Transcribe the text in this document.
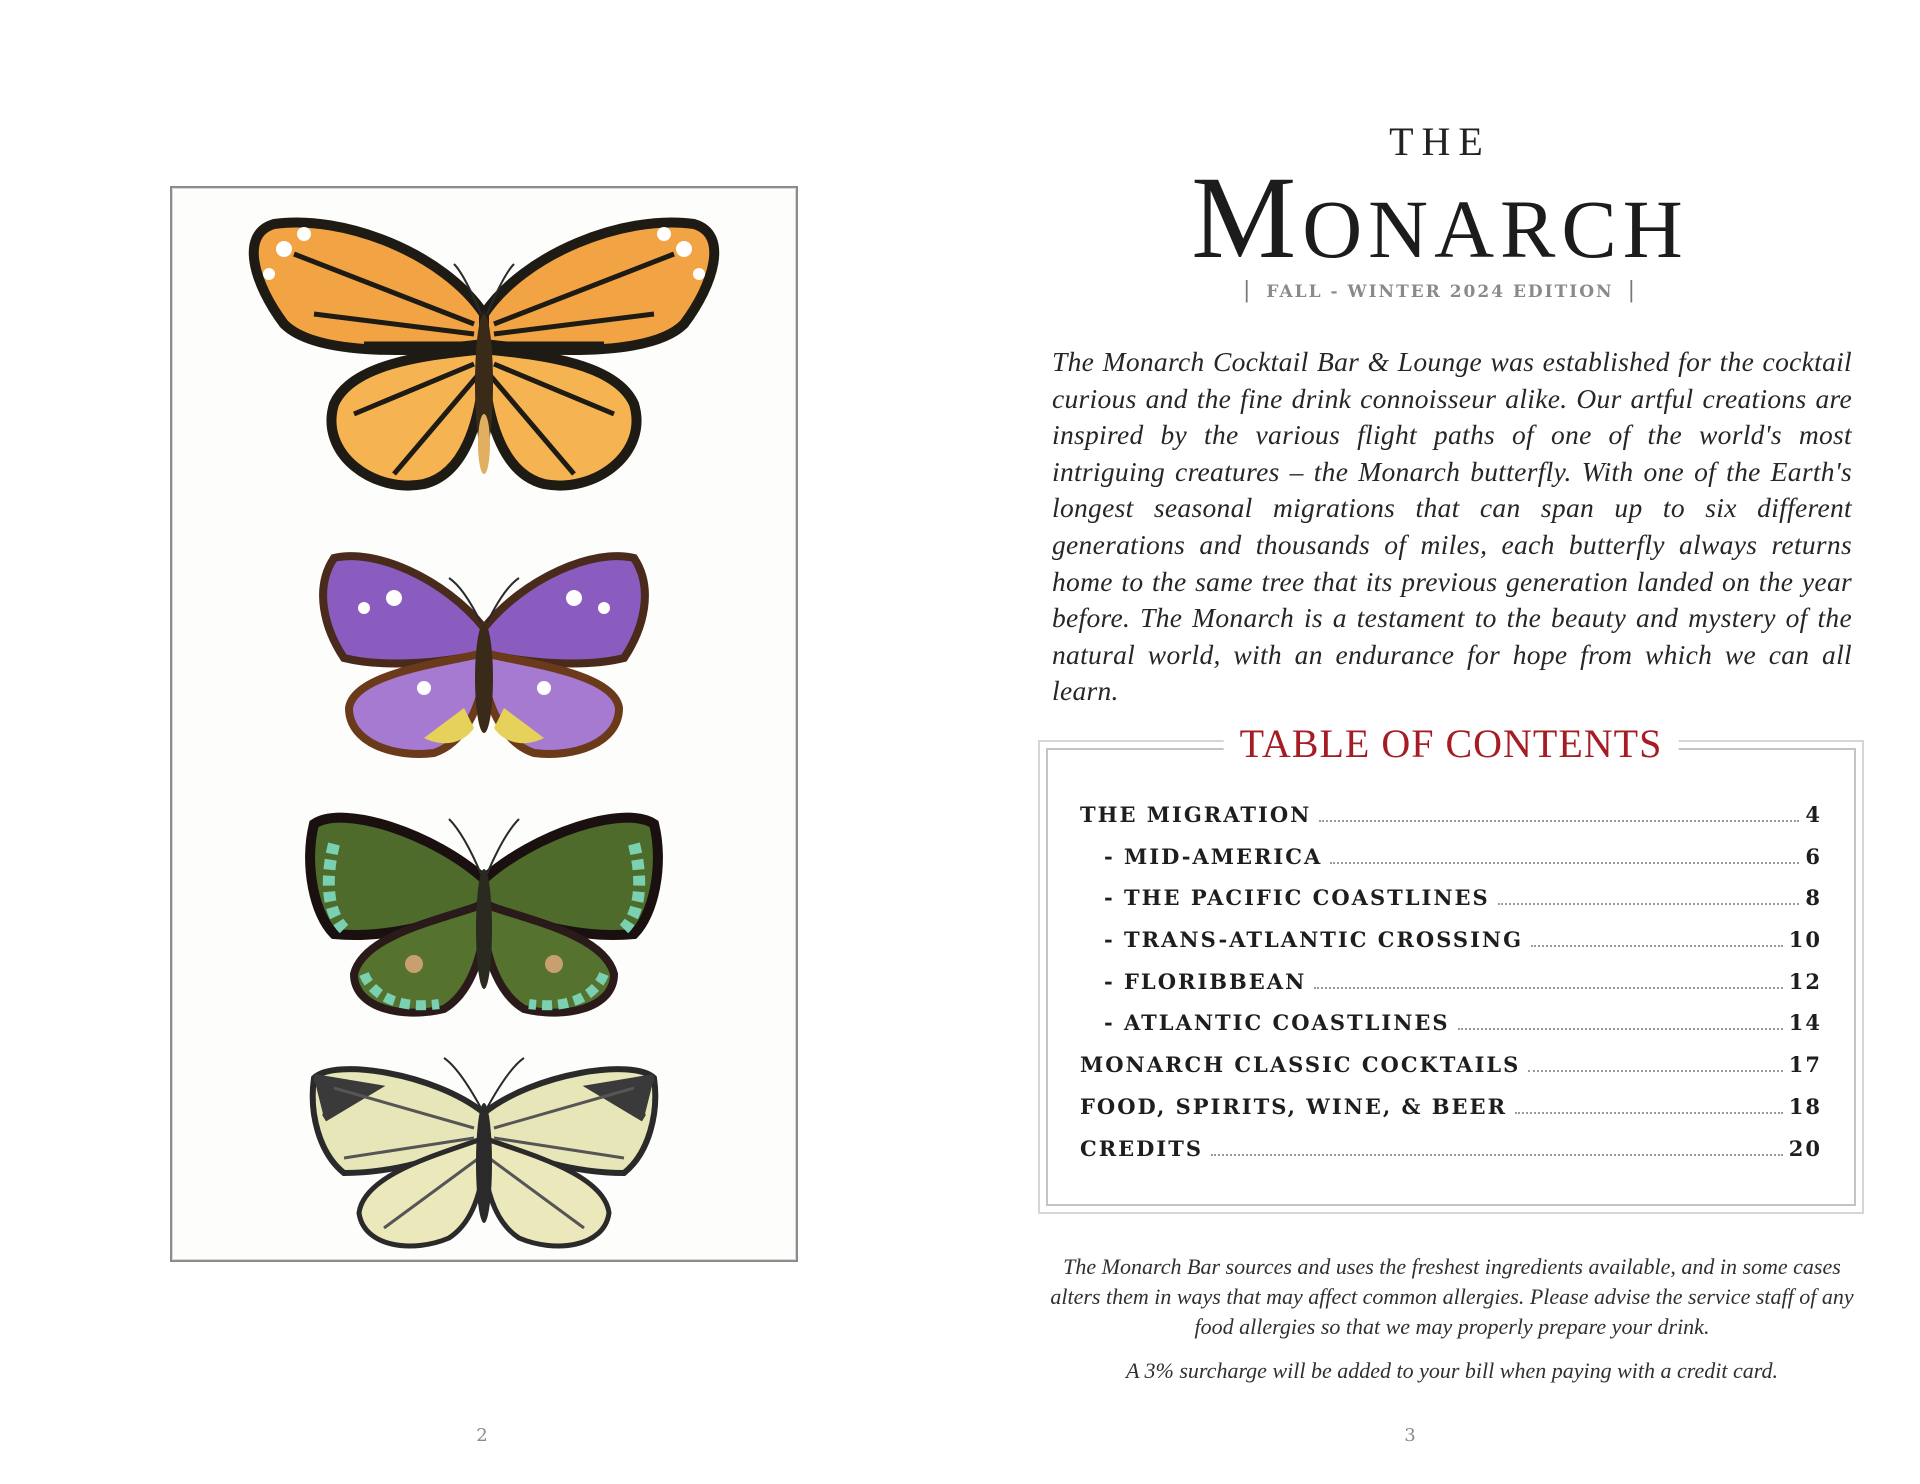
2
THE
Monarch
| FALL - WINTER 2024 EDITION |
The Monarch Cocktail Bar & Lounge was established for the cocktail curious and the fine drink connoisseur alike. Our artful creations are inspired by the various flight paths of one of the world's most intriguing creatures – the Monarch butterfly. With one of the Earth's longest seasonal migrations that can span up to six different generations and thousands of miles, each butterfly always returns home to the same tree that its previous generation landed on the year before. The Monarch is a testament to the beauty and mystery of the natural world, with an endurance for hope from which we can all learn.
TABLE OF CONTENTS
THE MIGRATION	4
- MID-AMERICA	6
- THE PACIFIC COASTLINES	8
- TRANS-ATLANTIC CROSSING	10
- FLORIBBEAN	12
- ATLANTIC COASTLINES	14
MONARCH CLASSIC COCKTAILS	17
FOOD, SPIRITS, WINE, & BEER	18
CREDITS	20
The Monarch Bar sources and uses the freshest ingredients available, and in some cases alters them in ways that may affect common allergies. Please advise the service staff of any food allergies so that we may properly prepare your drink.
A 3% surcharge will be added to your bill when paying with a credit card.
3
